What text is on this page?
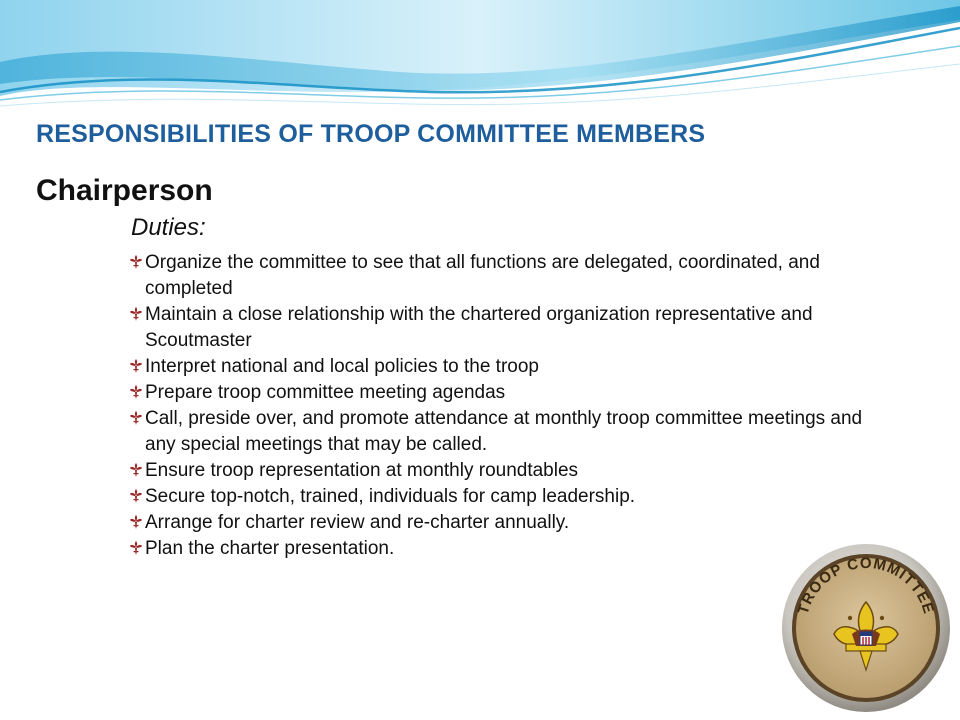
RESPONSIBILITIES OF TROOP COMMITTEE MEMBERS
Chairperson
Duties:
Organize the committee to see that all functions are delegated, coordinated, and completed
Maintain a close relationship with the chartered organization representative and Scoutmaster
Interpret national and local policies to the troop
Prepare troop committee meeting agendas
Call, preside over, and promote attendance at monthly troop committee meetings and any special meetings that may be called.
Ensure troop representation at monthly roundtables
Secure top-notch, trained, individuals for camp leadership.
Arrange for charter review and re-charter annually.
Plan the charter presentation.
TROOP COMMITTEE
